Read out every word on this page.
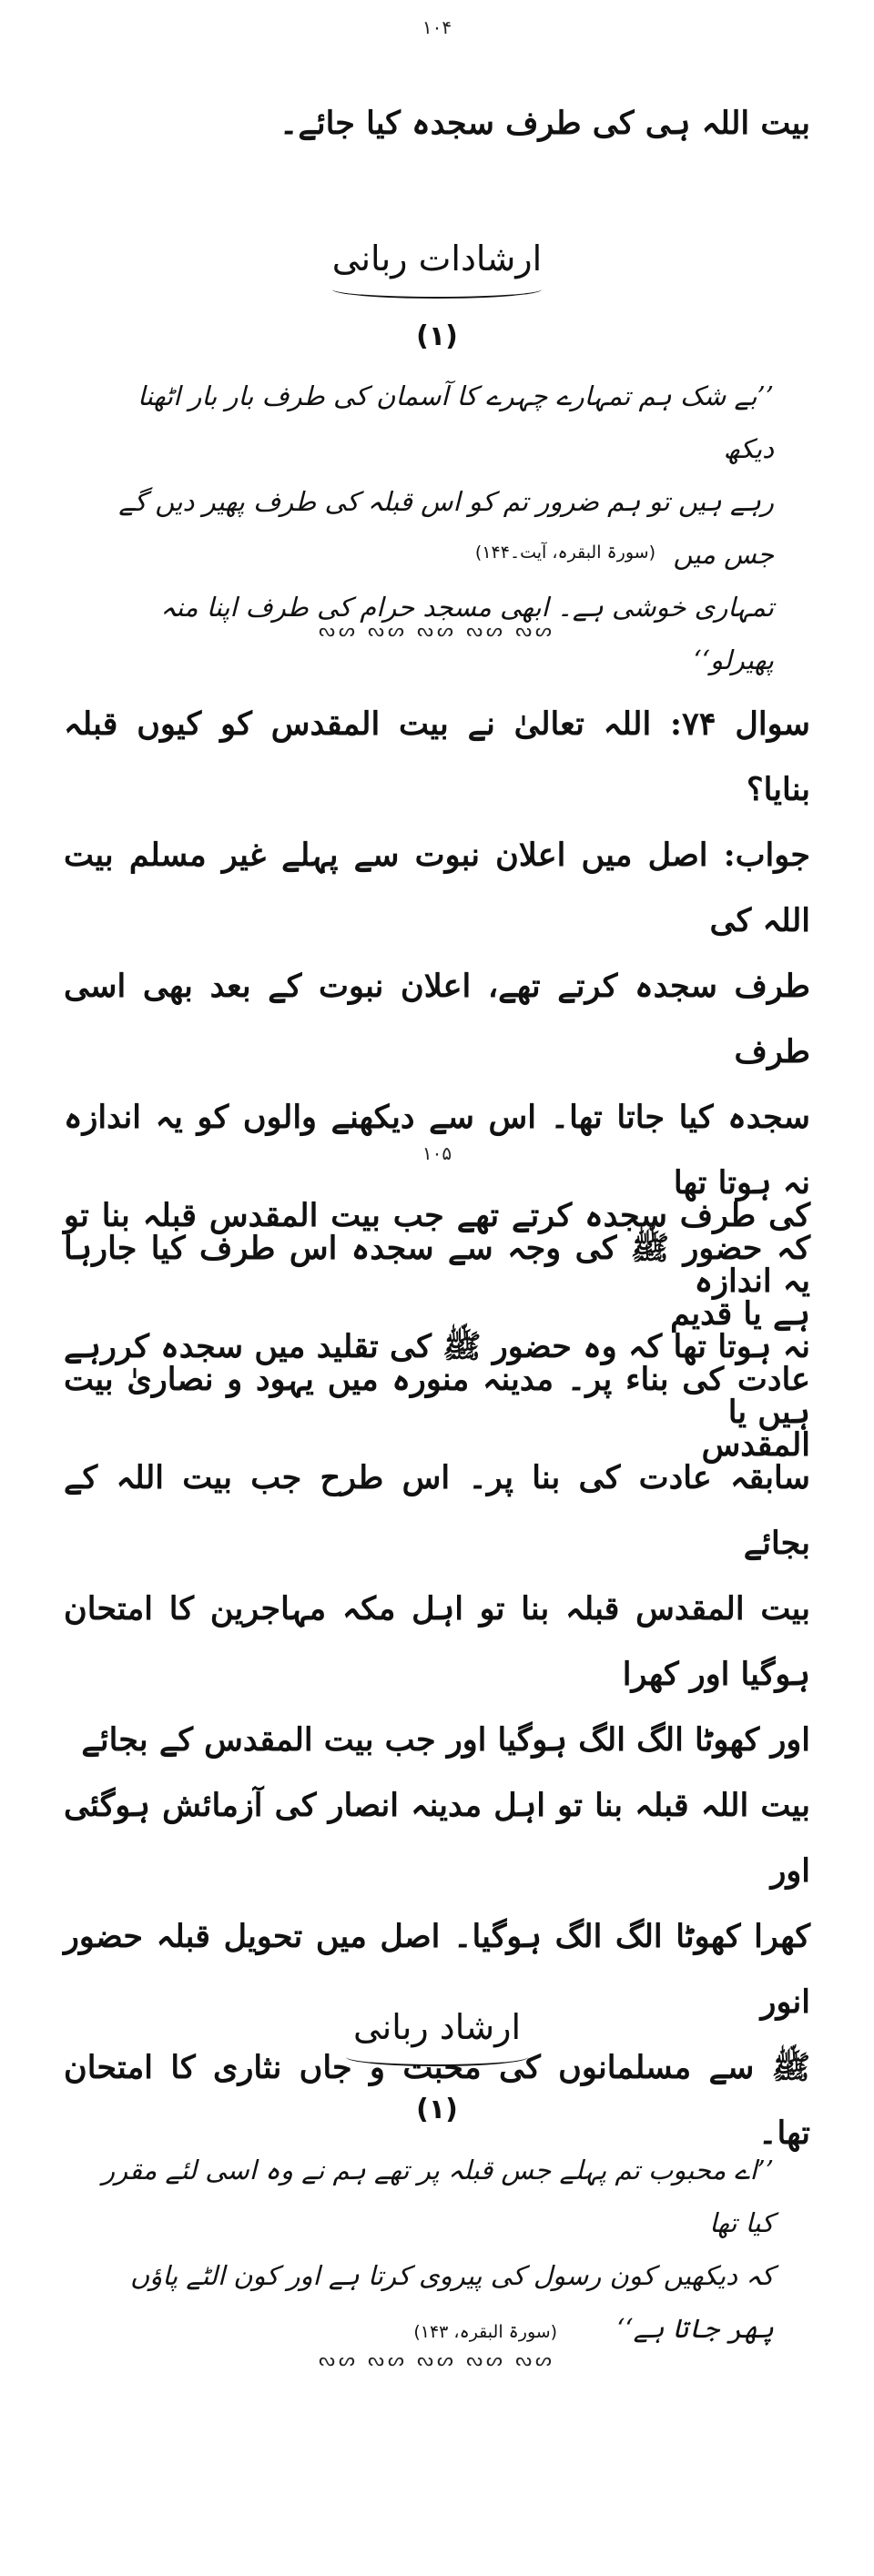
۱۰۴

بیت اللہ ہی کی طرف سجدہ کیا جائے۔

ارشادات ربانی
(۱)

’’بے شک ہم تمہارے چہرے کا آسمان کی طرف بار بار اٹھنا دیکھ

رہے ہیں تو ہم ضرور تم کو اس قبلہ کی طرف پھیر دیں گے جس میں

تمہاری خوشی ہے۔ ابھی مسجد حرام کی طرف اپنا منہ پھیرلو‘‘

(سورۃ البقرہ، آیت۔۱۴۴)
ᔓᔕ ᔓᔕ ᔓᔕ ᔓᔕ ᔓᔕ

سوال ۷۴: اللہ تعالیٰ نے بیت المقدس کو کیوں قبلہ بنایا؟

جواب: اصل میں اعلان نبوت سے پہلے غیر مسلم بیت اللہ کی

طرف سجدہ کرتے تھے، اعلان نبوت کے بعد بھی اسی طرف

سجدہ کیا جاتا تھا۔ اس سے دیکھنے والوں کو یہ اندازہ نہ ہوتا تھا

کہ حضور ﷺ کی وجہ سے سجدہ اس طرف کیا جارہا ہے یا قدیم

عادت کی بناء پر۔ مدینہ منورہ میں یہود و نصاریٰ بیت المقدس

۱۰۵

کی طرف سجدہ کرتے تھے جب بیت المقدس قبلہ بنا تو یہ اندازہ

نہ ہوتا تھا کہ وہ حضور ﷺ کی تقلید میں سجدہ کررہے ہیں یا

سابقہ عادت کی بنا پر۔ اس طرح جب بیت اللہ کے بجائے

بیت المقدس قبلہ بنا تو اہل مکہ مہاجرین کا امتحان ہوگیا اور کھرا

اور کھوٹا الگ الگ ہوگیا اور جب بیت المقدس کے بجائے

بیت اللہ قبلہ بنا تو اہل مدینہ انصار کی آزمائش ہوگئی اور

کھرا کھوٹا الگ الگ ہوگیا۔ اصل میں تحویل قبلہ حضور انور

ﷺ سے مسلمانوں کی محبت و جاں نثاری کا امتحان تھا۔

ارشاد ربانی
(۱)

’’اے محبوب تم پہلے جس قبلہ پر تھے ہم نے وہ اسی لئے مقرر کیا تھا

کہ دیکھیں کون رسول کی پیروی کرتا ہے اور کون الٹے پاؤں

پھر جاتا ہے‘‘

(سورۃ البقرہ، ۱۴۳)
ᔓᔕ ᔓᔕ ᔓᔕ ᔓᔕ ᔓᔕ
